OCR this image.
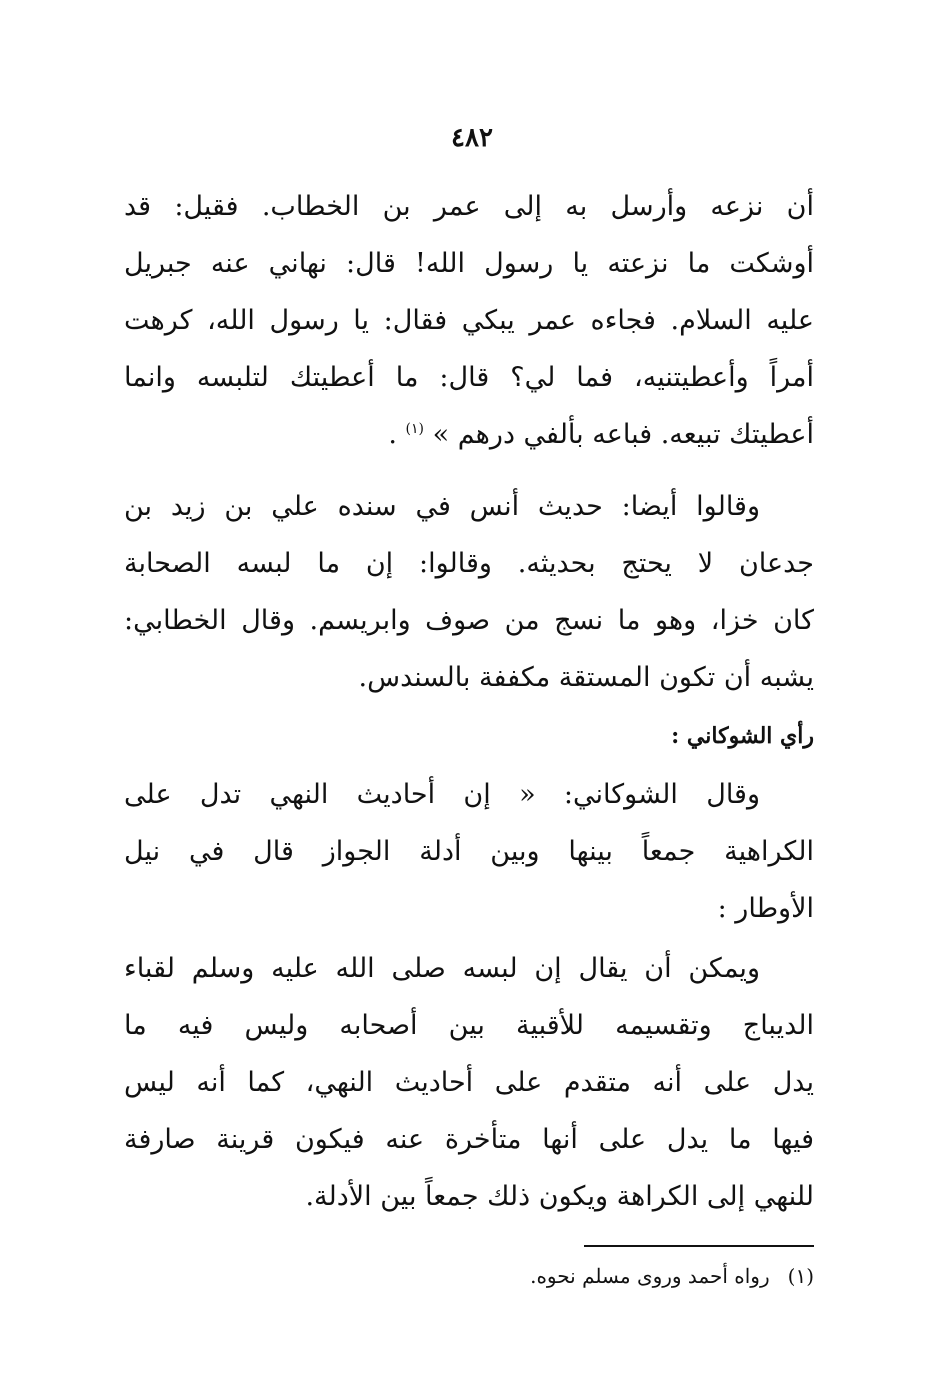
٤٨٢
أن نزعه وأرسل به إلى عمر بن الخطاب. فقيل: قد
أوشكت ما نزعته يا رسول الله! قال: نهاني عنه جبريل
عليه السلام. فجاءه عمر يبكي فقال: يا رسول الله، كرهت
أمراً وأعطيتنيه، فما لي؟ قال: ما أعطيتك لتلبسه وانما
أعطيتك تبيعه. فباعه بألفي درهم » $^{(١)}$ .
وقالوا أيضا: حديث أنس في سنده علي بن زيد بن
جدعان لا يحتج بحديثه. وقالوا: إن ما لبسه الصحابة
كان خزا، وهو ما نسج من صوف وابريسم. وقال الخطابي:
يشبه أن تكون المستقة مكففة بالسندس.
رأي الشوكاني :
وقال الشوكاني: « إن أحاديث النهي تدل على
الكراهية جمعاً بينها وبين أدلة الجواز قال في نيل
الأوطار :
ويمكن أن يقال إن لبسه صلى الله عليه وسلم لقباء
الديباج وتقسيمه للأقبية بين أصحابه وليس فيه ما
يدل على أنه متقدم على أحاديث النهي، كما أنه ليس
فيها ما يدل على أنها متأخرة عنه فيكون قرينة صارفة
للنهي إلى الكراهة ويكون ذلك جمعاً بين الأدلة.
(١)رواه أحمد وروى مسلم نحوه.
